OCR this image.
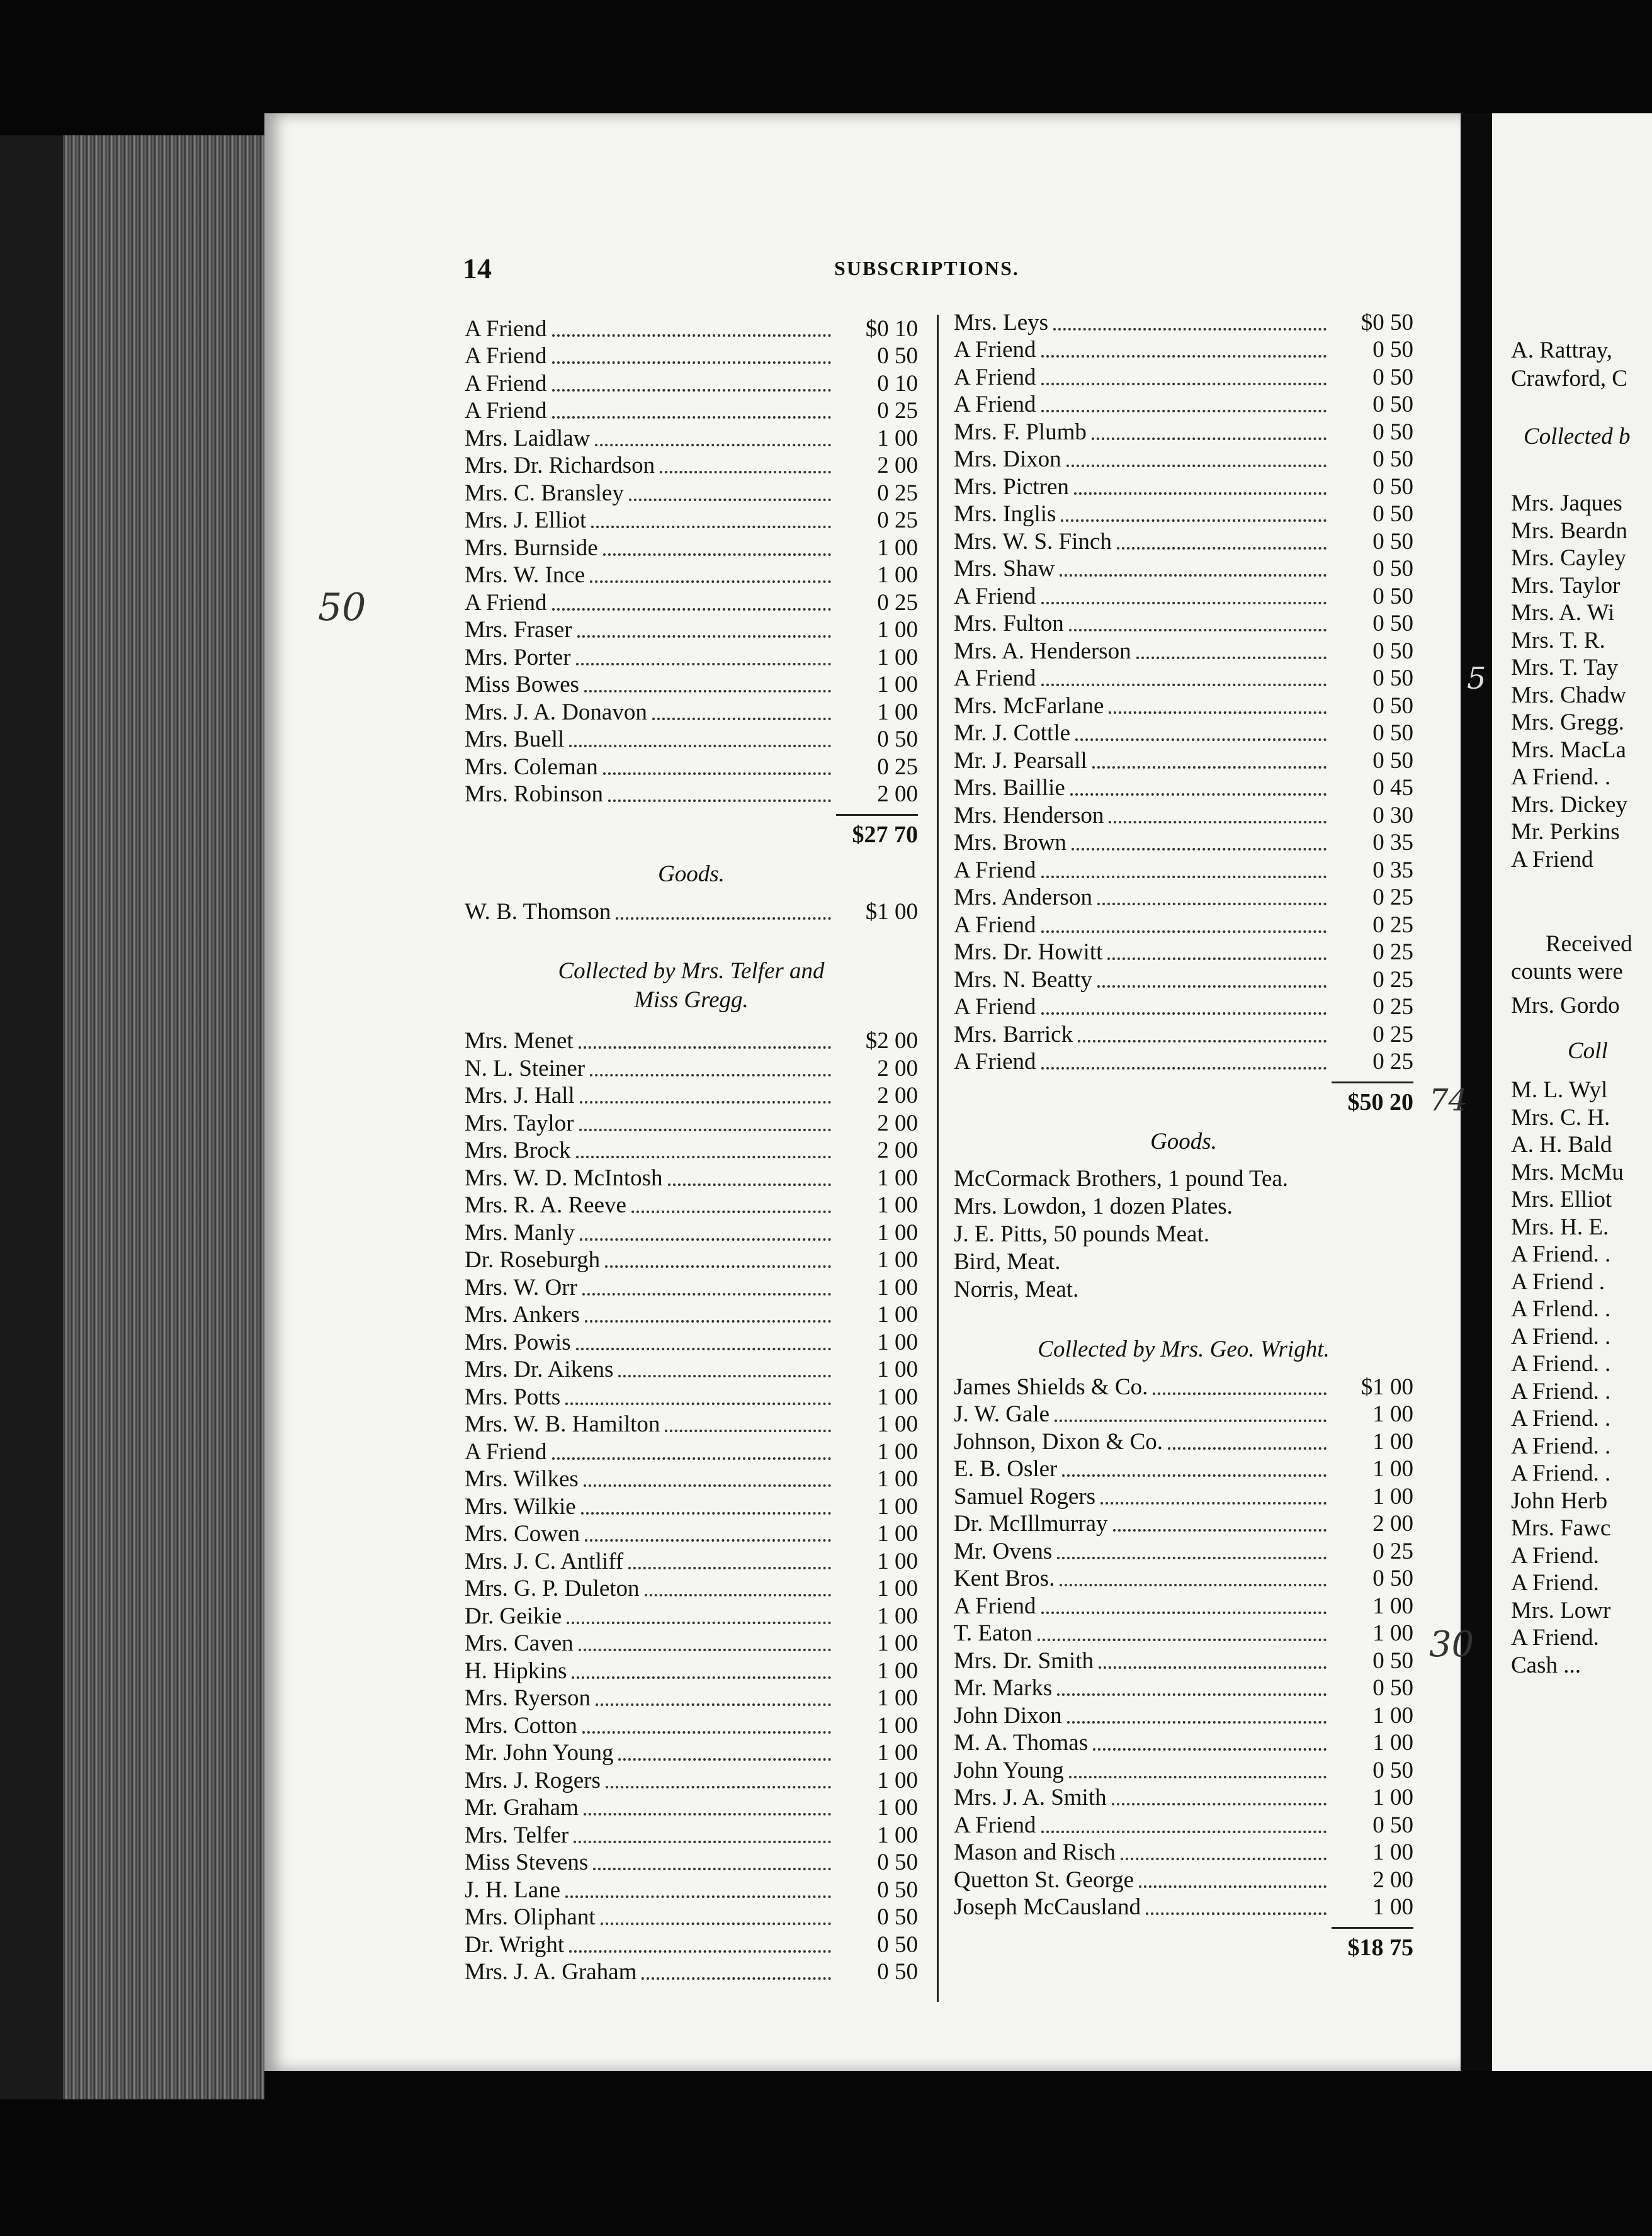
14	SUBSCRIPTIONS.
A Friend	$0 10
A Friend	0 50
A Friend	0 10
A Friend	0 25
Mrs. Laidlaw	1 00
Mrs. Dr. Richardson	2 00
Mrs. C. Bransley	0 25
Mrs. J. Elliot	0 25
Mrs. Burnside	1 00
Mrs. W. Ince	1 00
A Friend	0 25
Mrs. Fraser	1 00
Mrs. Porter	1 00
Miss Bowes	1 00
Mrs. J. A. Donavon	1 00
Mrs. Buell	0 50
Mrs. Coleman	0 25
Mrs. Robinson	2 00
$27 70
Goods.
W. B. Thomson	$1 00
Collected by Mrs. Telfer and
Miss Gregg.
Mrs. Menet	$2 00
N. L. Steiner	2 00
Mrs. J. Hall	2 00
Mrs. Taylor	2 00
Mrs. Brock	2 00
Mrs. W. D. McIntosh	1 00
Mrs. R. A. Reeve	1 00
Mrs. Manly	1 00
Dr. Roseburgh	1 00
Mrs. W. Orr	1 00
Mrs. Ankers	1 00
Mrs. Powis	1 00
Mrs. Dr. Aikens	1 00
Mrs. Potts	1 00
Mrs. W. B. Hamilton	1 00
A Friend	1 00
Mrs. Wilkes	1 00
Mrs. Wilkie	1 00
Mrs. Cowen	1 00
Mrs. J. C. Antliff	1 00
Mrs. G. P. Duleton	1 00
Dr. Geikie	1 00
Mrs. Caven	1 00
H. Hipkins	1 00
Mrs. Ryerson	1 00
Mrs. Cotton	1 00
Mr. John Young	1 00
Mrs. J. Rogers	1 00
Mr. Graham	1 00
Mrs. Telfer	1 00
Miss Stevens	0 50
J. H. Lane	0 50
Mrs. Oliphant	0 50
Dr. Wright	0 50
Mrs. J. A. Graham	0 50
Mrs. Leys	$0 50
A Friend	0 50
A Friend	0 50
A Friend	0 50
Mrs. F. Plumb	0 50
Mrs. Dixon	0 50
Mrs. Pictren	0 50
Mrs. Inglis	0 50
Mrs. W. S. Finch	0 50
Mrs. Shaw	0 50
A Friend	0 50
Mrs. Fulton	0 50
Mrs. A. Henderson	0 50
A Friend	0 50
Mrs. McFarlane	0 50
Mr. J. Cottle	0 50
Mr. J. Pearsall	0 50
Mrs. Baillie	0 45
Mrs. Henderson	0 30
Mrs. Brown	0 35
A Friend	0 35
Mrs. Anderson	0 25
A Friend	0 25
Mrs. Dr. Howitt	0 25
Mrs. N. Beatty	0 25
A Friend	0 25
Mrs. Barrick	0 25
A Friend	0 25
$50 20
Goods.
McCormack Brothers, 1 pound Tea.
Mrs. Lowdon, 1 dozen Plates.
J. E. Pitts, 50 pounds Meat.
Bird, Meat.
Norris, Meat.
Collected by Mrs. Geo. Wright.
James Shields & Co.	$1 00
J. W. Gale	1 00
Johnson, Dixon & Co.	1 00
E. B. Osler	1 00
Samuel Rogers	1 00
Dr. McIllmurray	2 00
Mr. Ovens	0 25
Kent Bros.	0 50
A Friend	1 00
T. Eaton	1 00
Mrs. Dr. Smith	0 50
Mr. Marks	0 50
John Dixon	1 00
M. A. Thomas	1 00
John Young	0 50
Mrs. J. A. Smith	1 00
A Friend	0 50
Mason and Risch	1 00
Quetton St. George	2 00
Joseph McCausland	1 00
$18 75
A. Rattray,
Crawford, C
Collected b
Mrs. Jaques
Mrs. Beardn
Mrs. Cayley
Mrs. Taylor
Mrs. A. Wi
Mrs. T. R.
Mrs. T. Tay
Mrs. Chadw
Mrs. Gregg.
Mrs. MacLa
A Friend. .
Mrs. Dickey
Mr. Perkins
A Friend
Received
counts were
Mrs. Gordo
Coll
M. L. Wyl
Mrs. C. H.
A. H. Bald
Mrs. McMu
Mrs. Elliot
Mrs. H. E.
A Friend. .
A Friend .
A Frlend. .
A Friend. .
A Friend. .
A Friend. .
A Friend. .
A Friend. .
A Friend. .
John Herb
Mrs. Fawc
A Friend.
A Friend.
Mrs. Lowr
A Friend.
Cash ...
50
5
30
74
